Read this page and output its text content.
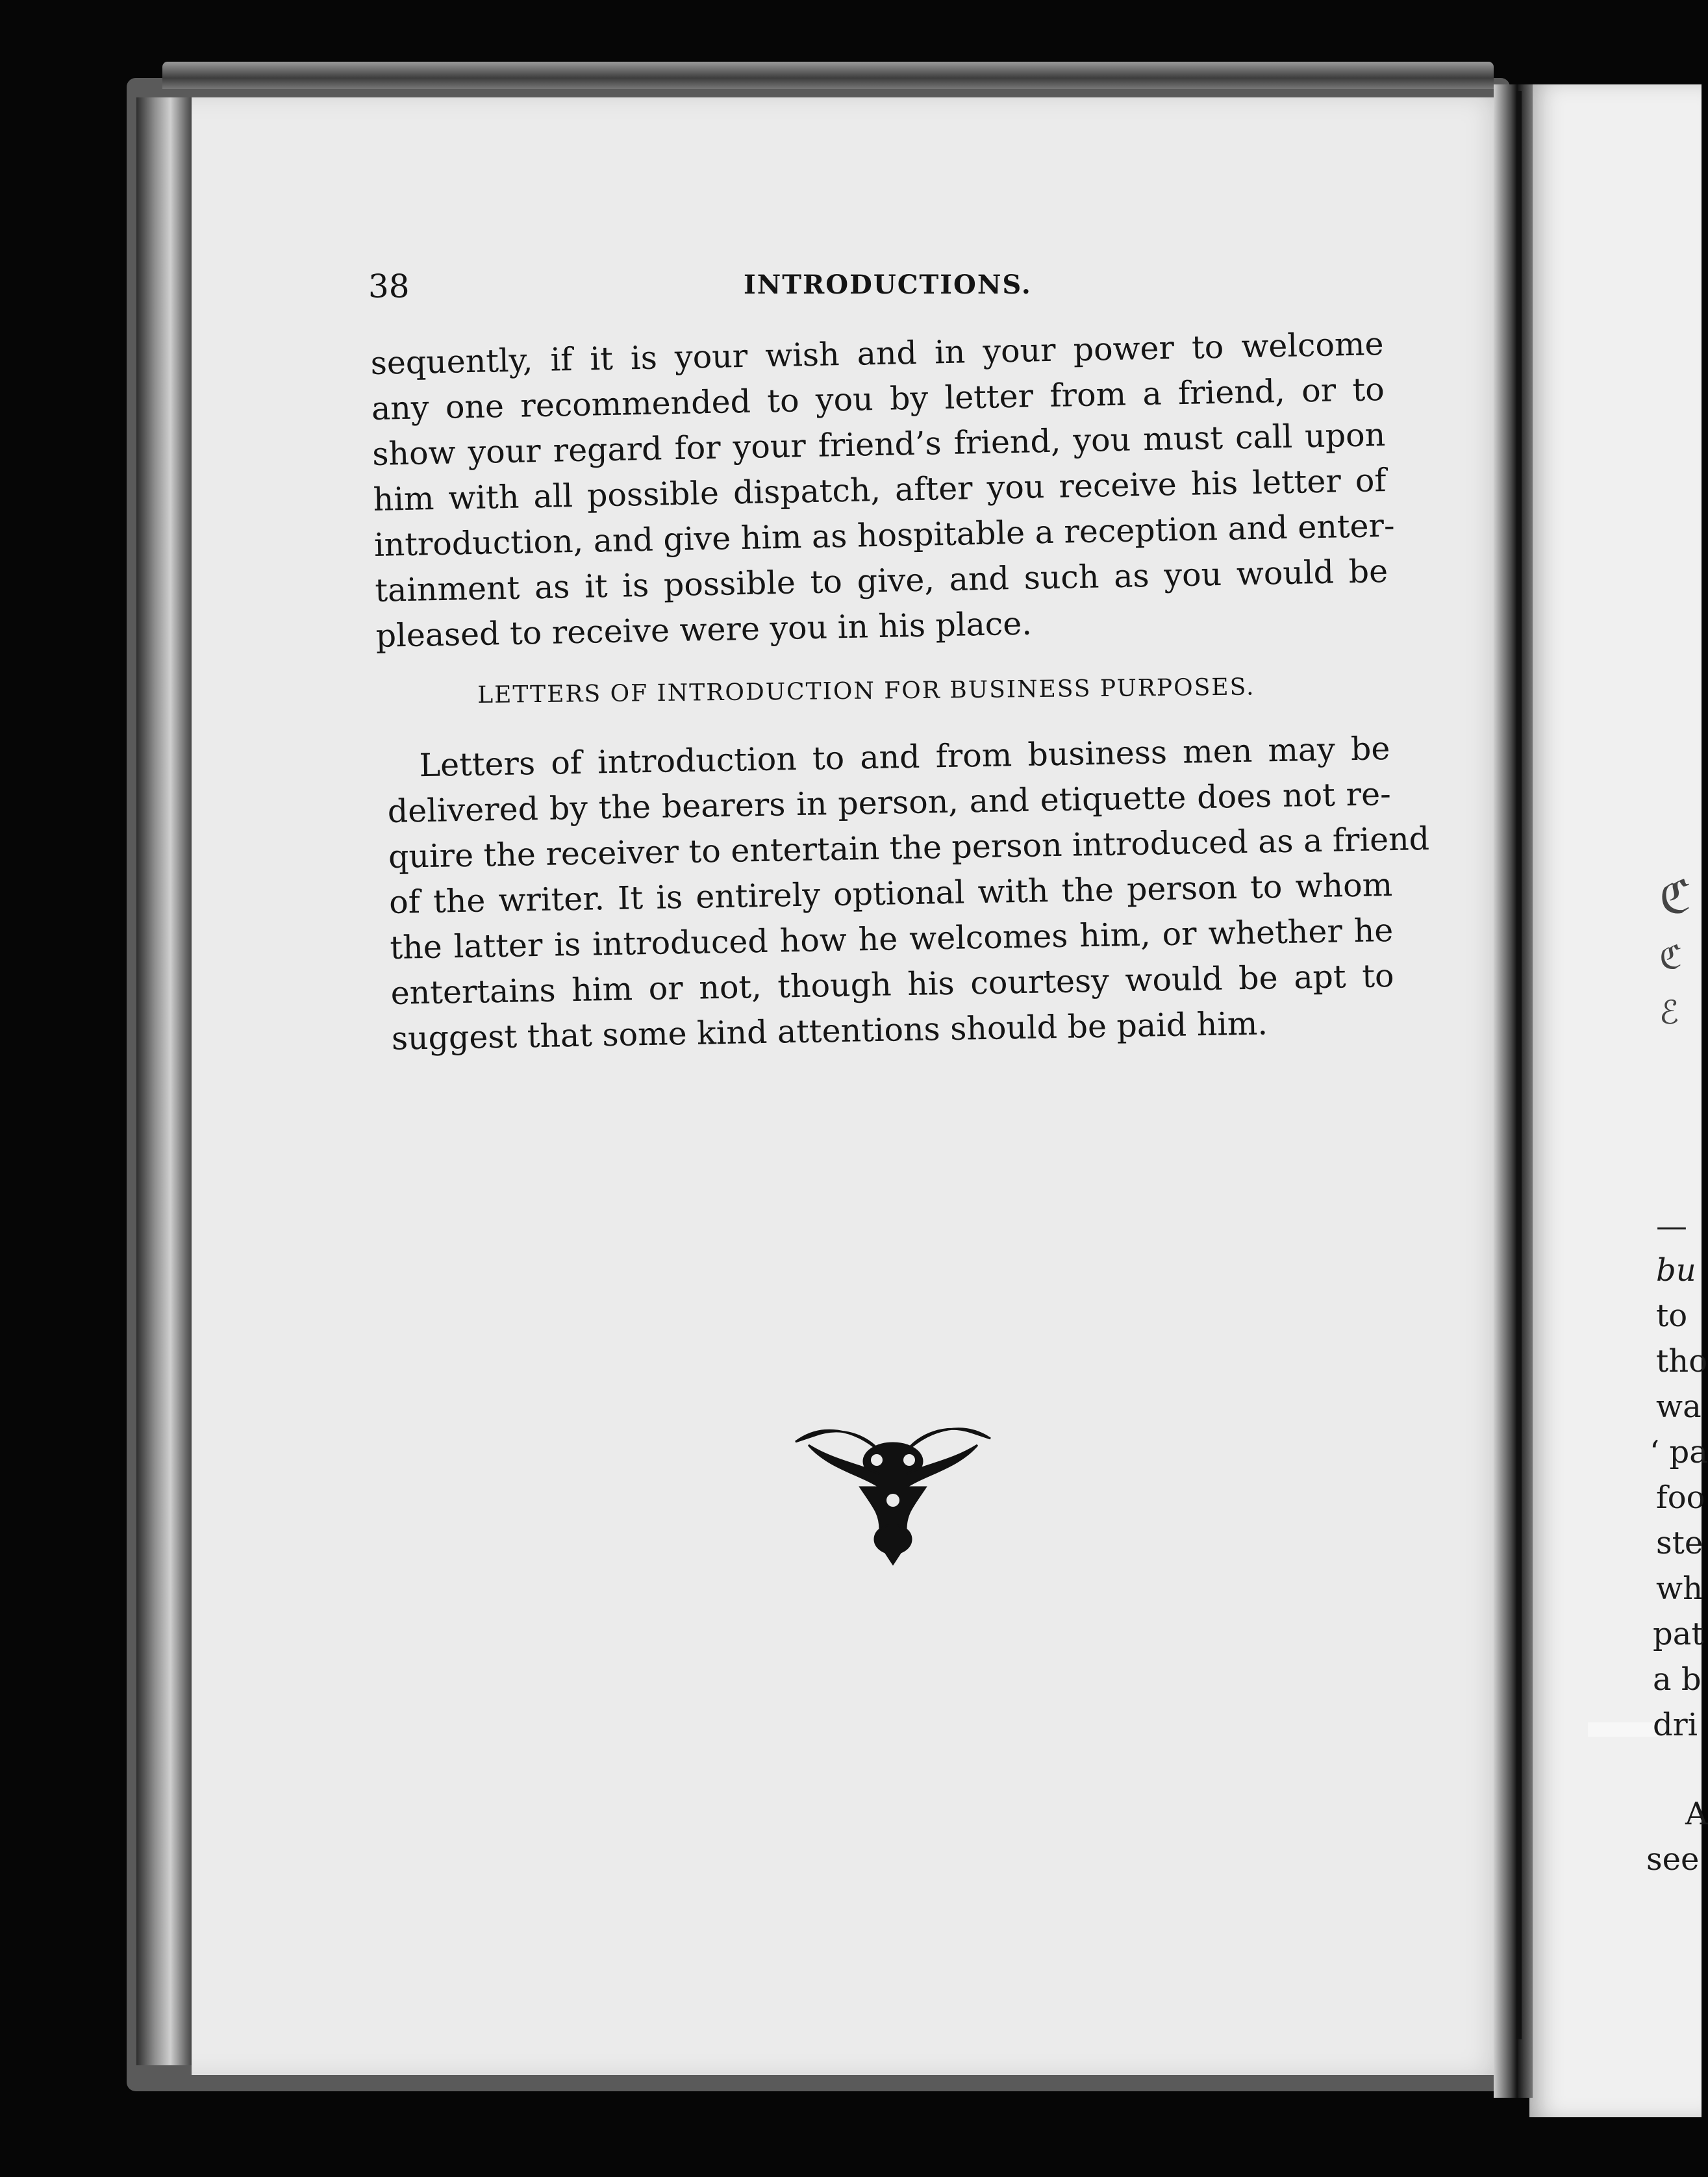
38	INTRODUCTIONS.

sequently, if it is your wish and in your power to welcome
any one recommended to you by letter from a friend, or to
show your regard for your friend’s friend, you must call upon
him with all possible dispatch, after you receive his letter of
introduction, and give him as hospitable a reception and enter-
tainment as it is possible to give, and such as you would be
pleased to receive were you in his place.

LETTERS OF INTRODUCTION FOR BUSINESS PURPOSES.

Letters of introduction to and from business men may be
delivered by the bearers in person, and etiquette does not re-
quire the receiver to entertain the person introduced as a friend
of the writer. It is entirely optional with the person to whom
the latter is introduced how he welcomes him, or whether he
entertains him or not, though his courtesy would be apt to
suggest that some kind attentions should be paid him.
ℭ
ℭ
ℰ

—

bu

to

tho

wa

‘ pa

foo

ste

wh

pat

a b

dri

A

see
